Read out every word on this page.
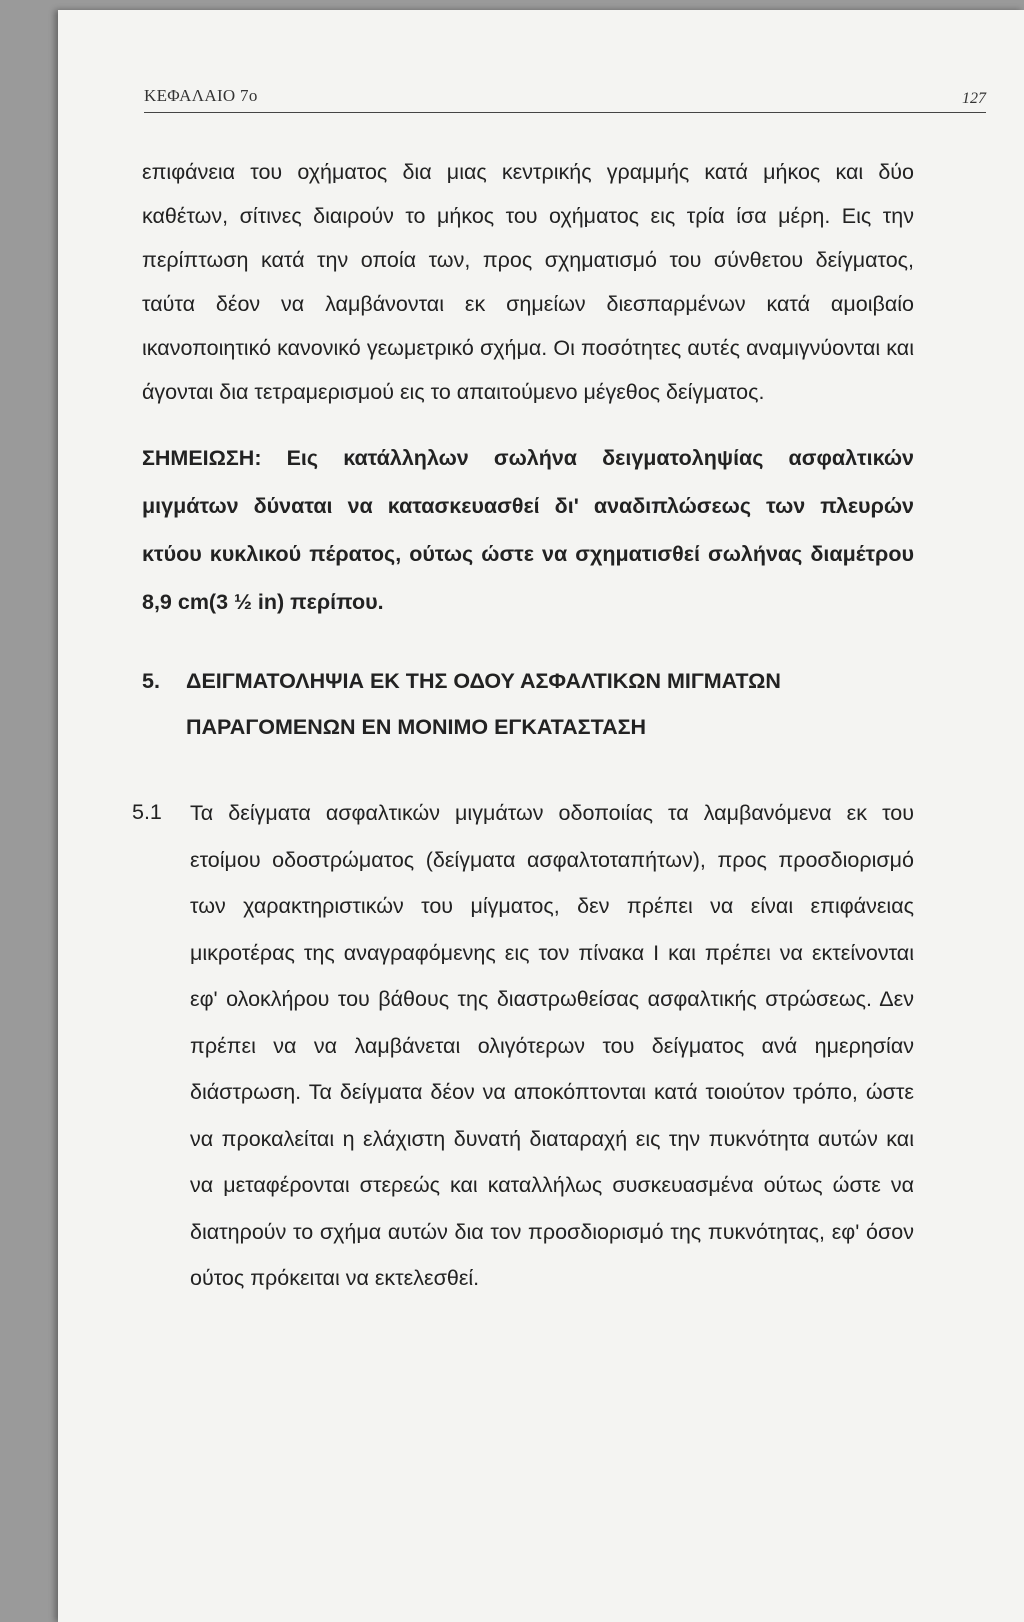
ΚΕΦΑΛΑΙΟ 7ο	127

επιφάνεια του οχήματος δια μιας κεντρικής γραμμής κατά μήκος και δύο καθέτων, σίτινες διαιρούν το μήκος του οχήματος εις τρία ίσα μέρη. Εις την περίπτωση κατά την οποία των, προς σχηματισμό του σύνθετου δείγματος, ταύτα δέον να λαμβάνονται εκ σημείων διεσπαρμένων κατά αμοιβαίο ικανοποιητικό κανονικό γεωμετρικό σχήμα. Οι ποσότητες αυτές αναμιγνύονται και άγονται δια τετραμερισμού εις το απαιτούμενο μέγεθος δείγματος.

ΣΗΜΕΙΩΣΗ: Εις κατάλληλων σωλήνα δειγματοληψίας ασφαλτικών μιγμάτων δύναται να κατασκευασθεί δι' αναδιπλώσεως των πλευρών κτύου κυκλικού πέρατος, ούτως ώστε να σχηματισθεί σωλήνας διαμέτρου 8,9 cm(3 ½ in) περίπου.

5. ΔΕΙΓΜΑΤΟΛΗΨΙΑ ΕΚ ΤΗΣ ΟΔΟΥ ΑΣΦΑΛΤΙΚΩΝ ΜΙΓΜΑΤΩΝ ΠΑΡΑΓΟΜΕΝΩΝ ΕΝ ΜΟΝΙΜΟ ΕΓΚΑΤΑΣΤΑΣΗ
5.1 Τα δείγματα ασφαλτικών μιγμάτων οδοποιίας τα λαμβανόμενα εκ του ετοίμου οδοστρώματος (δείγματα ασφαλτοταπήτων), προς προσδιορισμό των χαρακτηριστικών του μίγματος, δεν πρέπει να είναι επιφάνειας μικροτέρας της αναγραφόμενης εις τον πίνακα I και πρέπει να εκτείνονται εφ' ολοκλήρου του βάθους της διαστρωθείσας ασφαλτικής στρώσεως. Δεν πρέπει να να λαμβάνεται ολιγότερων του δείγματος ανά ημερησίαν διάστρωση. Τα δείγματα δέον να αποκόπτονται κατά τοιούτον τρόπο, ώστε να προκαλείται η ελάχιστη δυνατή διαταραχή εις την πυκνότητα αυτών και να μεταφέρονται στερεώς και καταλλήλως συσκευασμένα ούτως ώστε να διατηρούν το σχήμα αυτών δια τον προσδιορισμό της πυκνότητας, εφ' όσον ούτος πρόκειται να εκτελεσθεί.
